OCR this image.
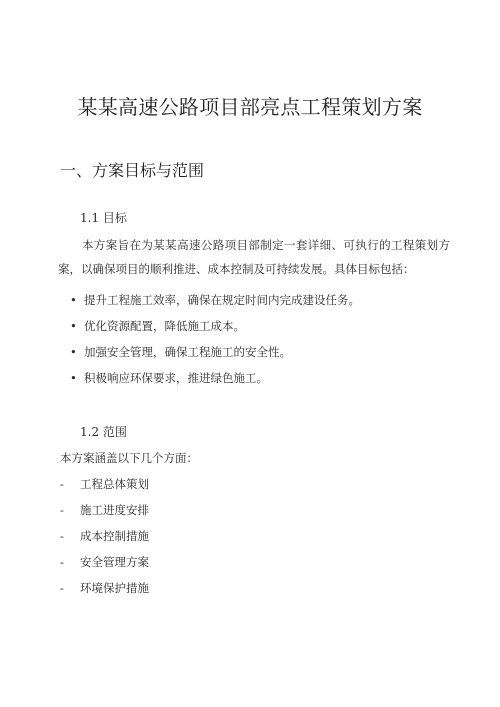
某某高速公路项目部亮点工程策划方案
一、方案目标与范围
1.1 目标
本方案旨在为某某高速公路项目部制定一套详细、可执行的工程策划方案，以确保项目的顺利推进、成本控制及可持续发展。具体目标包括：
• 提升工程施工效率，确保在规定时间内完成建设任务。
• 优化资源配置，降低施工成本。
• 加强安全管理，确保工程施工的安全性。
• 积极响应环保要求，推进绿色施工。
1.2 范围
本方案涵盖以下几个方面：
- 工程总体策划
- 施工进度安排
- 成本控制措施
- 安全管理方案
- 环境保护措施
